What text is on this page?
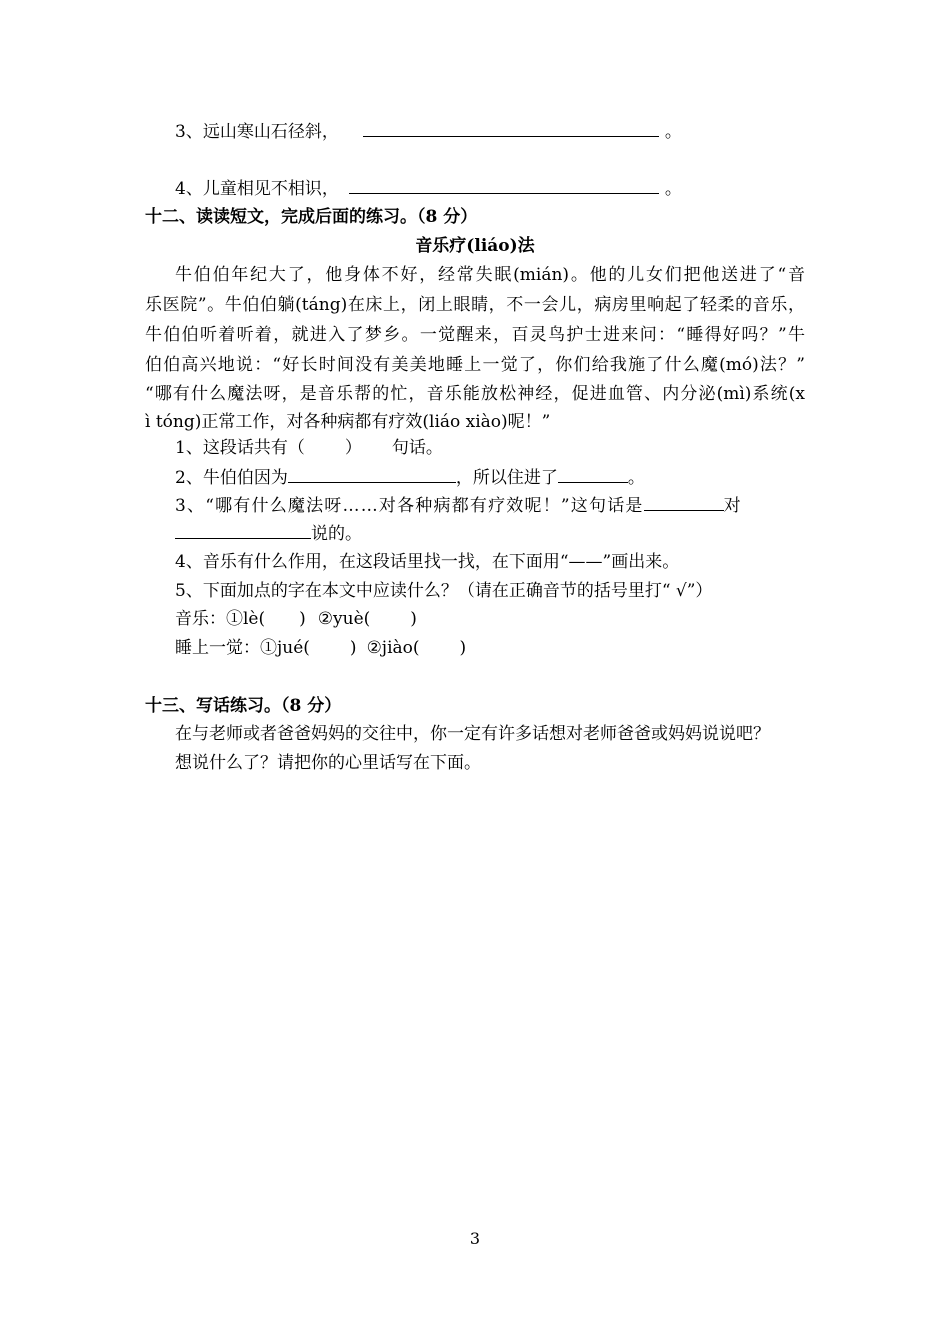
3、远山寒山石径斜，	。
4、儿童相见不相识，	。
十二、读读短文，完成后面的练习。（8 分）
音乐疗(liáo)法
牛伯伯年纪大了，他身体不好，经常失眠(mián)。他的儿女们把他送进了“音
乐医院”。牛伯伯躺(táng)在床上，闭上眼睛，不一会儿，病房里响起了轻柔的音乐，
牛伯伯听着听着，就进入了梦乡。一觉醒来，百灵鸟护士进来问：“睡得好吗？”牛
伯伯高兴地说：“好长时间没有美美地睡上一觉了，你们给我施了什么魔(mó)法？”
“哪有什么魔法呀，是音乐帮的忙，音乐能放松神经，促进血管、内分泌(mì)系统(x
ì tóng)正常工作，对各种病都有疗效(liáo xiào)呢！”
1、这段话共有（ ） 句话。
2、牛伯伯因为	，所以住进了	。
3、“哪有什么魔法呀……对各种病都有疗效呢！”这句话是	对
说的。
4、音乐有什么作用，在这段话里找一找，在下面用“——”画出来。
5、下面加点的字在本文中应读什么？（请在正确音节的括号里打“ √”）
音乐：①lè( ) ②yuè( )
睡上一觉：①jué( ) ②jiào( )
十三、写话练习。（8 分）
在与老师或者爸爸妈妈的交往中，你一定有许多话想对老师爸爸或妈妈说说吧？
想说什么了？请把你的心里话写在下面。
3
